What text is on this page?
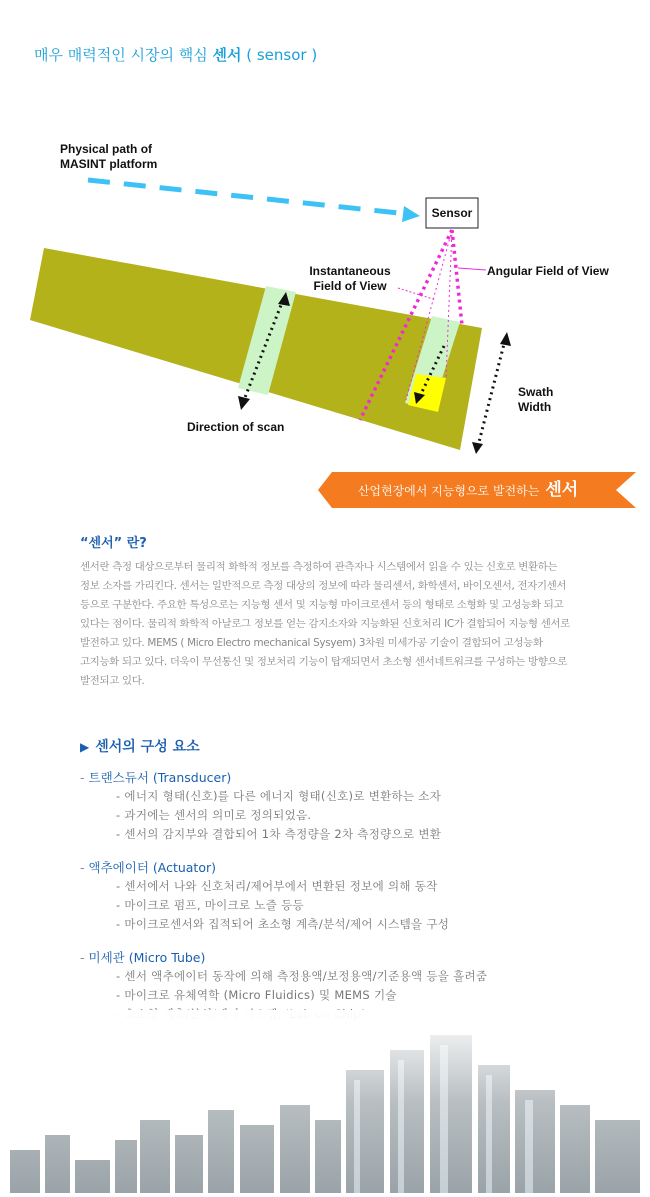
매우 매력적인 시장의 핵심 센서 ( sensor )
Physical path of
MASINT platform
Sensor
Instantaneous
Field of View
Angular Field of View
Swath
Width
Direction of scan
산업현장에서 지능형으로 발전하는 센서
“센서” 란?
센서란 측정 대상으로부터 물리적 화학적 정보를 측정하여 관측자나 시스템에서 읽을 수 있는 신호로 변환하는 정보 소자를 가리킨다. 센서는 일반적으로 측정 대상의 정보에 따라 물리센서, 화학센서, 바이오센서, 전자기센서 등으로 구분한다. 주요한 특성으로는 지능형 센서 및 지능형 마이크로센서 등의 형태로 소형화 및 고성능화 되고 있다는 점이다. 물리적 화학적 아날로그 정보를 얻는 감지소자와 지능화된 신호처리 IC가 결합되어 지능형 센서로 발전하고 있다. MEMS ( Micro Electro mechanical Sysyem) 3차원 미세가공 기술이 결합되어 고성능화 고지능화 되고 있다. 더욱이 무선통신 및 정보처리 기능이 탑재되면서 초소형 센서네트워크를 구성하는 방향으로 발전되고 있다.
▶ 센서의 구성 요소
- 트랜스듀서 (Transducer)
- 에너지 형태(신호)를 다른 에너지 형태(신호)로 변환하는 소자
- 과거에는 센서의 의미로 정의되었음.
- 센서의 감지부와 결합되어 1차 측정량을 2차 측정량으로 변환
- 액추에이터 (Actuator)
- 센서에서 나와 신호처리/제어부에서 변환된 정보에 의해 동작
- 마이크로 펌프, 마이크로 노즐 등등
- 마이크로센서와 집적되어 초소형 계측/분석/제어 시스템을 구성
- 미세관 (Micro Tube)
- 센서 액추에이터 동작에 의해 측정용액/보정용액/기준용액 등을 흘려줌
- 마이크로 유체역학 (Micro Fluidics) 및 MEMS 기술
